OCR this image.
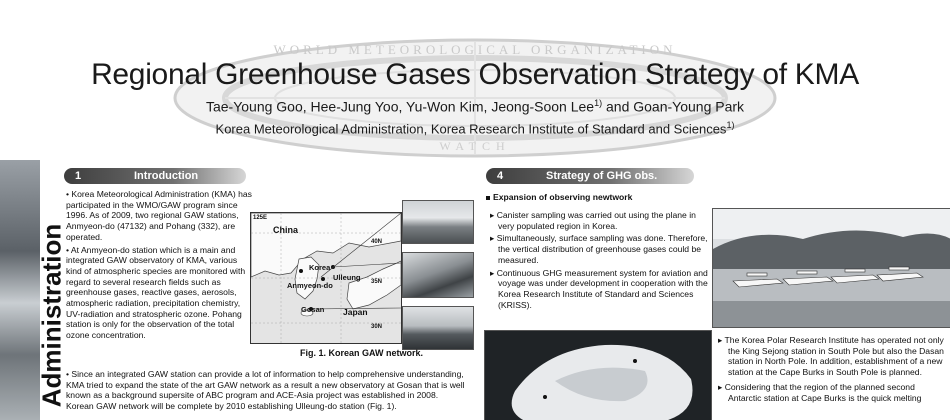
WORLD METEOROLOGICAL ORGANIZATION
WATCH
Regional Greenhouse Gases Observation Strategy of KMA
Tae-Young Goo, Hee-Jung Yoo, Yu-Won Kim, Jeong-Soon Lee$^{1)}$ and Goan-Young Park
Korea Meteorological Administration, Korea Research Institute of Standard and Sciences$^{1)}$
Administration
1	Introduction

• Korea Meteorological Administration (KMA) has participated in the WMO/GAW program since 1996. As of 2009, two regional GAW stations, Anmyeon-do (47132) and Pohang (332), are operated.

• At Anmyeon-do station which is a main and integrated GAW observatory of KMA, various kind of atmospheric species are monitored with regard to several research fields such as greenhouse gases, reactive gases, aerosols, atmospheric radiation, precipitation chemistry, UV-radiation and stratospheric ozone. Pohang station is only for the observation of the total ozone concentration.

• Since an integrated GAW station can provide a lot of information to help comprehensive understanding, KMA tried to expand the state of the art GAW network as a result a new observatory at Gosan that is well known as a background supersite of ABC program and ACE-Asia project was established in 2008. Korean GAW network will be complete by 2010 establishing Ulleung-do station (Fig. 1).
China
Korea
Ulleung
Anmyeon-do
Gosan Japan
40N
35N
30N
125E
Fig. 1. Korean GAW network.
4	Strategy of GHG obs.
Expansion of observing newtwork
▸ Canister sampling was carried out using the plane in very populated region in Korea.
▸ Simultaneously, surface sampling was done. Therefore, the vertical distribution of greenhouse gases could be measured.
▸ Continuous GHG measurement system for aviation and voyage was under development in cooperation with the Korea Research Institute of Standard and Sciences (KRISS).

▸ The Korea Polar Research Institute has operated not only the King Sejong station in South Pole but also the Dasan station in North Pole. In addition, establishment of a new station at the Cape Burks in South Pole is planned.

▸ Considering that the region of the planned second Antarctic station at Cape Burks is the quick melting
